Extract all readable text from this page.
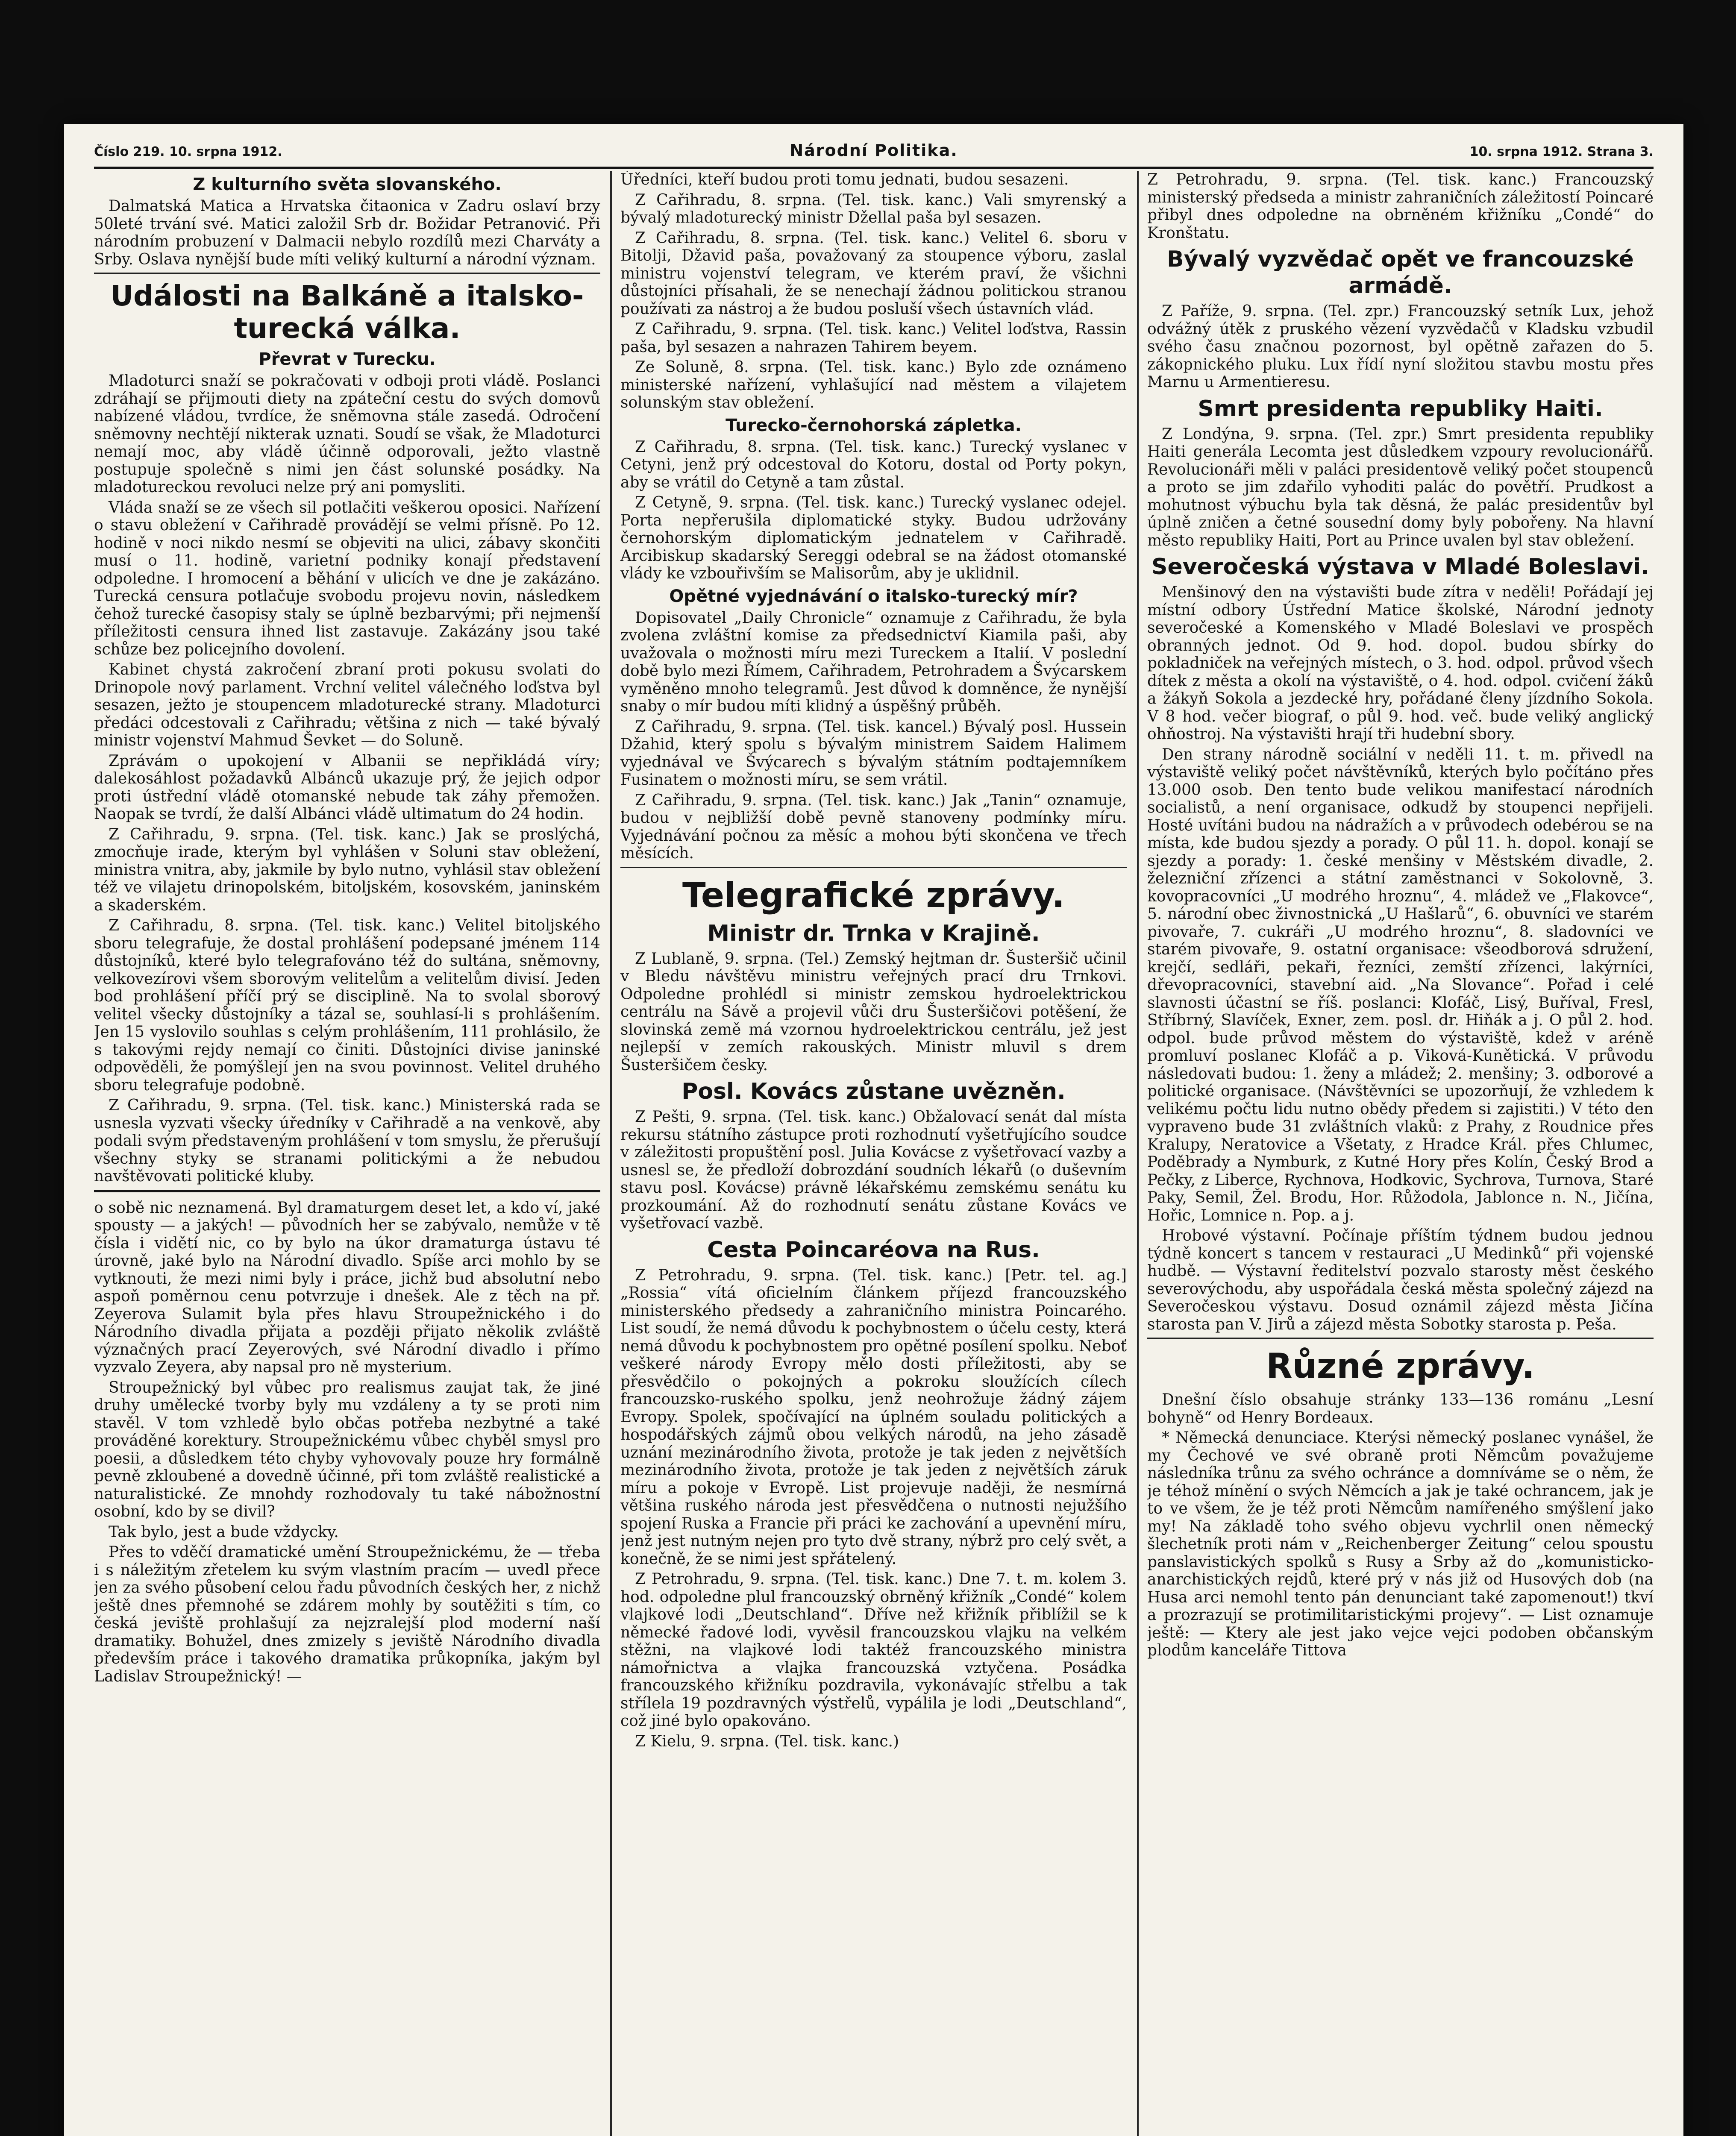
Číslo 219. 10. srpna 1912.	Národní Politika.	10. srpna 1912. Strana 3.
Z kulturního světa slovanského.

Dalmatská Matica a Hrvatska čitaonica v Zadru oslaví brzy 50leté trvání své. Matici založil Srb dr. Božidar Petranović. Při národním probuzení v Dalmacii nebylo rozdílů mezi Charváty a Srby. Oslava nynější bude míti veliký kulturní a národní význam.

Události na Balkáně a italsko-turecká válka.
Převrat v Turecku.

Mladoturci snaží se pokračovati v odboji proti vládě. Poslanci zdráhají se přijmouti diety na zpáteční cestu do svých domovů nabízené vládou, tvrdíce, že sněmovna stále zasedá. Odročení sněmovny nechtějí nikterak uznati. Soudí se však, že Mladoturci nemají moc, aby vládě účinně odporovali, ježto vlastně postupuje společně s nimi jen část solunské posádky. Na mladotureckou revoluci nelze prý ani pomysliti.

Vláda snaží se ze všech sil potlačiti veškerou oposici. Nařízení o stavu obležení v Cařihradě provádějí se velmi přísně. Po 12. hodině v noci nikdo nesmí se objeviti na ulici, zábavy skončiti musí o 11. hodině, varietní podniky konají představení odpoledne. I hromocení a běhání v ulicích ve dne je zakázáno. Turecká censura potlačuje svobodu projevu novin, následkem čehož turecké časopisy staly se úplně bezbarvými; při nejmenší příležitosti censura ihned list zastavuje. Zakázány jsou také schůze bez policejního dovolení.

Kabinet chystá zakročení zbraní proti pokusu svolati do Drinopole nový parlament. Vrchní velitel válečného loďstva byl sesazen, ježto je stoupencem mladoturecké strany. Mladoturci předáci odcestovali z Cařihradu; většina z nich — také bývalý ministr vojenství Mahmud Ševket — do Soluně.

Zprávám o upokojení v Albanii se nepřikládá víry; dalekosáhlost požadavků Albánců ukazuje prý, že jejich odpor proti ústřední vládě otomanské nebude tak záhy přemožen. Naopak se tvrdí, že další Albánci vládě ultimatum do 24 hodin.

Z Cařihradu, 9. srpna. (Tel. tisk. kanc.) Jak se proslýchá, zmocňuje irade, kterým byl vyhlášen v Soluni stav obležení, ministra vnitra, aby, jakmile by bylo nutno, vyhlásil stav obležení též ve vilajetu drinopolském, bitoljském, kosovském, janinském a skaderském.

Z Cařihradu, 8. srpna. (Tel. tisk. kanc.) Velitel bitoljského sboru telegrafuje, že dostal prohlášení podepsané jménem 114 důstojníků, které bylo telegrafováno též do sultána, sněmovny, velkovezírovi všem sborovým velitelům a velitelům divisí. Jeden bod prohlášení příčí prý se disciplině. Na to svolal sborový velitel všecky důstojníky a tázal se, souhlasí-li s prohlášením. Jen 15 vyslovilo souhlas s celým prohlášením, 111 prohlásilo, že s takovými rejdy nemají co činiti. Důstojníci divise janinské odpověděli, že pomýšlejí jen na svou povinnost. Velitel druhého sboru telegrafuje podobně.

Z Cařihradu, 9. srpna. (Tel. tisk. kanc.) Ministerská rada se usnesla vyzvati všecky úředníky v Cařihradě a na venkově, aby podali svým představeným prohlášení v tom smyslu, že přerušují všechny styky se stranami politickými a že nebudou navštěvovati politické kluby.

o sobě nic neznamená. Byl dramaturgem deset let, a kdo ví, jaké spousty — a jakých! — původních her se zabývalo, nemůže v tě čísla i vidětí nic, co by bylo na úkor dramaturga ústavu té úrovně, jaké bylo na Národní divadlo. Spíše arci mohlo by se vytknouti, že mezi nimi byly i práce, jichž bud absolutní nebo aspoň poměrnou cenu potvrzuje i dnešek. Ale z těch na př. Zeyerova Sulamit byla přes hlavu Stroupežnického i do Národního divadla přijata a později přijato několik zvláště význačných prací Zeyerových, své Národní divadlo i přímo vyzvalo Zeyera, aby napsal pro ně mysterium.

Stroupežnický byl vůbec pro realismus zaujat tak, že jiné druhy umělecké tvorby byly mu vzdáleny a ty se proti nim stavěl. V tom vzhledě bylo občas potřeba nezbytné a také prováděné korektury. Stroupežnickému vůbec chyběl smysl pro poesii, a důsledkem této chyby vyhovovaly pouze hry formálně pevně zkloubené a dovedně účinné, při tom zvláště realistické a naturalistické. Ze mnohdy rozhodovaly tu také nábožnostní osobní, kdo by se divil?

Tak bylo, jest a bude vždycky.

Přes to vděčí dramatické umění Stroupežnickému, že — třeba i s náležitým zřetelem ku svým vlastním pracím — uvedl přece jen za svého působení celou řadu původních českých her, z nichž ještě dnes přemnohé se zdárem mohly by soutěžiti s tím, co česká jeviště prohlašují za nejzralejší plod moderní naší dramatiky. Bohužel, dnes zmizely s jeviště Národního divadla především práce i takového dramatika průkopníka, jakým byl Ladislav Stroupežnický! —

Úředníci, kteří budou proti tomu jednati, budou sesazeni.

Z Cařihradu, 8. srpna. (Tel. tisk. kanc.) Vali smyrenský a bývalý mladoturecký ministr Džellal paša byl sesazen.

Z Cařihradu, 8. srpna. (Tel. tisk. kanc.) Velitel 6. sboru v Bitolji, Džavid paša, považovaný za stoupence výboru, zaslal ministru vojenství telegram, ve kterém praví, že všichni důstojníci přísahali, že se nenechají žádnou politickou stranou používati za nástroj a že budou posluší všech ústavních vlád.

Z Cařihradu, 9. srpna. (Tel. tisk. kanc.) Velitel loďstva, Rassin paša, byl sesazen a nahrazen Tahirem beyem.

Ze Soluně, 8. srpna. (Tel. tisk. kanc.) Bylo zde oznámeno ministerské nařízení, vyhlašující nad městem a vilajetem solunským stav obležení.

Turecko-černohorská zápletka.

Z Cařihradu, 8. srpna. (Tel. tisk. kanc.) Turecký vyslanec v Cetyni, jenž prý odcestoval do Kotoru, dostal od Porty pokyn, aby se vrátil do Cetyně a tam zůstal.

Z Cetyně, 9. srpna. (Tel. tisk. kanc.) Turecký vyslanec odejel. Porta nepřerušila diplomatické styky. Budou udržovány černohorským diplomatickým jednatelem v Cařihradě. Arcibiskup skadarský Sereggi odebral se na žádost otomanské vlády ke vzbouřivším se Malisorům, aby je uklidnil.

Opětné vyjednávání o italsko-turecký mír?

Dopisovatel „Daily Chronicle“ oznamuje z Cařihradu, že byla zvolena zvláštní komise za předsednictví Kiamila paši, aby uvažovala o možnosti míru mezi Tureckem a Italií. V poslední době bylo mezi Římem, Cařihradem, Petrohradem a Švýcarskem vyměněno mnoho telegramů. Jest důvod k domněnce, že nynější snaby o mír budou míti klidný a úspěšný průběh.

Z Cařihradu, 9. srpna. (Tel. tisk. kancel.) Bývalý posl. Hussein Džahid, který spolu s bývalým ministrem Saidem Halimem vyjednával ve Švýcarech s bývalým státním podtajemníkem Fusinatem o možnosti míru, se sem vrátil.

Z Cařihradu, 9. srpna. (Tel. tisk. kanc.) Jak „Tanin“ oznamuje, budou v nejbližší době pevně stanoveny podmínky míru. Vyjednávání počnou za měsíc a mohou býti skončena ve třech měsících.

Telegrafické zprávy.
Ministr dr. Trnka v Krajině.

Z Lublaně, 9. srpna. (Tel.) Zemský hejtman dr. Šusteršič učinil v Bledu návštěvu ministru veřejných prací dru Trnkovi. Odpoledne prohlédl si ministr zemskou hydroelektrickou centrálu na Sávě a projevil vůči dru Šusteršičovi potěšení, že slovinská země má vzornou hydroelektrickou centrálu, jež jest nejlepší v zemích rakouských. Ministr mluvil s drem Šusteršičem česky.

Posl. Kovács zůstane uvězněn.

Z Pešti, 9. srpna. (Tel. tisk. kanc.) Obžalovací senát dal místa rekursu státního zástupce proti rozhodnutí vyšetřujícího soudce v záležitosti propuštění posl. Julia Kovácse z vyšetřovací vazby a usnesl se, že předloží dobrozdání soudních lékařů (o duševním stavu posl. Kovácse) právně lékařskému zemskému senátu ku prozkoumání. Až do rozhodnutí senátu zůstane Kovács ve vyšetřovací vazbě.

Cesta Poincaréova na Rus.

Z Petrohradu, 9. srpna. (Tel. tisk. kanc.) [Petr. tel. ag.] „Rossia“ vítá oficielním článkem příjezd francouzského ministerského předsedy a zahraničního ministra Poincarého. List soudí, že nemá důvodu k pochybnostem o účelu cesty, která nemá důvodu k pochybnostem pro opětné posílení spolku. Neboť veškeré národy Evropy mělo dosti příležitosti, aby se přesvědčilo o pokojných a pokroku sloužících cílech francouzsko-ruského spolku, jenž neohrožuje žádný zájem Evropy. Spolek, spočívající na úplném souladu politických a hospodářských zájmů obou velkých národů, na jeho zásadě uznání mezinárodního života, protože je tak jeden z největších mezinárodního života, protože je tak jeden z největších záruk míru a pokoje v Evropě. List projevuje naději, že nesmírná většina ruského národa jest přesvědčena o nutnosti nejužšího spojení Ruska a Francie při práci ke zachování a upevnění míru, jenž jest nutným nejen pro tyto dvě strany, nýbrž pro celý svět, a konečně, že se nimi jest spřátelený.

Z Petrohradu, 9. srpna. (Tel. tisk. kanc.) Dne 7. t. m. kolem 3. hod. odpoledne plul francouzský obrněný křižník „Condé“ kolem vlajkové lodi „Deutschland“. Dříve než křižník přiblížil se k německé řadové lodi, vyvěsil francouzskou vlajku na velkém stěžni, na vlajkové lodi taktéž francouzského ministra námořnictva a vlajka francouzská vztyčena. Posádka francouzského křižníku pozdravila, vykonávajíc střelbu a tak střílela 19 pozdravných výstřelů, vypálila je lodi „Deutschland“, což jiné bylo opakováno.

Z Kielu, 9. srpna. (Tel. tisk. kanc.)

Z Petrohradu, 9. srpna. (Tel. tisk. kanc.) Francouzský ministerský předseda a ministr zahraničních záležitostí Poincaré přibyl dnes odpoledne na obrněném křižníku „Condé“ do Kronštatu.

Bývalý vyzvědač opět ve francouzské armádě.

Z Paříže, 9. srpna. (Tel. zpr.) Francouzský setník Lux, jehož odvážný útěk z pruského vězení vyzvědačů v Kladsku vzbudil svého času značnou pozornost, byl opětně zařazen do 5. zákopnického pluku. Lux řídí nyní složitou stavbu mostu přes Marnu u Armentieresu.

Smrt presidenta republiky Haiti.

Z Londýna, 9. srpna. (Tel. zpr.) Smrt presidenta republiky Haiti generála Lecomta jest důsledkem vzpoury revolucionářů. Revolucionáři měli v paláci presidentově veliký počet stoupenců a proto se jim zdařilo vyhoditi palác do povětří. Prudkost a mohutnost výbuchu byla tak děsná, že palác presidentův byl úplně zničen a četné sousední domy byly pobořeny. Na hlavní město republiky Haiti, Port au Prince uvalen byl stav obležení.

Severočeská výstava v Mladé Boleslavi.

Menšinový den na výstavišti bude zítra v neděli! Pořádají jej místní odbory Ústřední Matice školské, Národní jednoty severočeské a Komenského v Mladé Boleslavi ve prospěch obranných jednot. Od 9. hod. dopol. budou sbírky do pokladniček na veřejných místech, o 3. hod. odpol. průvod všech dítek z města a okolí na výstaviště, o 4. hod. odpol. cvičení žáků a žákyň Sokola a jezdecké hry, pořádané členy jízdního Sokola. V 8 hod. večer biograf, o půl 9. hod. več. bude veliký anglický ohňostroj. Na výstavišti hrají tři hudební sbory.

Den strany národně sociální v neděli 11. t. m. přivedl na výstaviště veliký počet návštěvníků, kterých bylo počítáno přes 13.000 osob. Den tento bude velikou manifestací národních socialistů, a není organisace, odkudž by stoupenci nepřijeli. Hosté uvítáni budou na nádražích a v průvodech odebérou se na místa, kde budou sjezdy a porady. O půl 11. h. dopol. konají se sjezdy a porady: 1. české menšiny v Městském divadle, 2. železniční zřízenci a státní zaměstnanci v Sokolovně, 3. kovopracovníci „U modrého hroznu“, 4. mládež ve „Flakovce“, 5. národní obec živnostnická „U Hašlarů“, 6. obuvníci ve starém pivovaře, 7. cukráři „U modrého hroznu“, 8. sladovníci ve starém pivovaře, 9. ostatní organisace: všeodborová sdružení, krejčí, sedláři, pekaři, řezníci, zemští zřízenci, lakýrníci, dřevopracovníci, stavební aid. „Na Slovance“. Pořad i celé slavnosti účastní se říš. poslanci: Klofáč, Lisý, Buříval, Fresl, Stříbrný, Slavíček, Exner, zem. posl. dr. Hiňák a j. O půl 2. hod. odpol. bude průvod městem do výstaviště, kdež v aréně promluví poslanec Klofáč a p. Viková-Kunětická. V průvodu následovati budou: 1. ženy a mládež; 2. menšiny; 3. odborové a politické organisace. (Návštěvníci se upozorňují, že vzhledem k velikému počtu lidu nutno obědy předem si zajistiti.) V této den vypraveno bude 31 zvláštních vlaků: z Prahy, z Roudnice přes Kralupy, Neratovice a Všetaty, z Hradce Král. přes Chlumec, Poděbrady a Nymburk, z Kutné Hory přes Kolín, Český Brod a Pečky, z Liberce, Rychnova, Hodkovic, Sychrova, Turnova, Staré Paky, Semil, Žel. Brodu, Hor. Růžodola, Jablonce n. N., Jičína, Hořic, Lomnice n. Pop. a j.

Hrobové výstavní. Počínaje příštím týdnem budou jednou týdně koncert s tancem v restauraci „U Medinků“ při vojenské hudbě. — Výstavní ředitelství pozvalo starosty měst českého severovýchodu, aby uspořádala česká města společný zájezd na Severočeskou výstavu. Dosud oznámil zájezd města Jičína starosta pan V. Jirů a zájezd města Sobotky starosta p. Peša.

Různé zprávy.

Dnešní číslo obsahuje stránky 133—136 románu „Lesní bohyně“ od Henry Bordeaux.

* Německá denunciace. Kterýsi německý poslanec vynášel, že my Čechové ve své obraně proti Němcům považujeme následníka trůnu za svého ochránce a domníváme se o něm, že je téhož mínění o svých Němcích a jak je také ochrancem, jak je to ve všem, že je též proti Němcům namířeného smýšlení jako my! Na základě toho svého objevu vychrlil onen německý šlechetník proti nám v „Reichenberger Zeitung“ celou spoustu panslavistických spolků s Rusy a Srby až do „komunisticko-anarchistických rejdů, které prý v nás již od Husových dob (na Husa arci nemohl tento pán denunciant také zapomenout!) tkví a prozrazují se protimilitaristickými projevy“. — List oznamuje ještě: — Ktery ale jest jako vejce vejci podoben občanským plodům kanceláře Tittova
